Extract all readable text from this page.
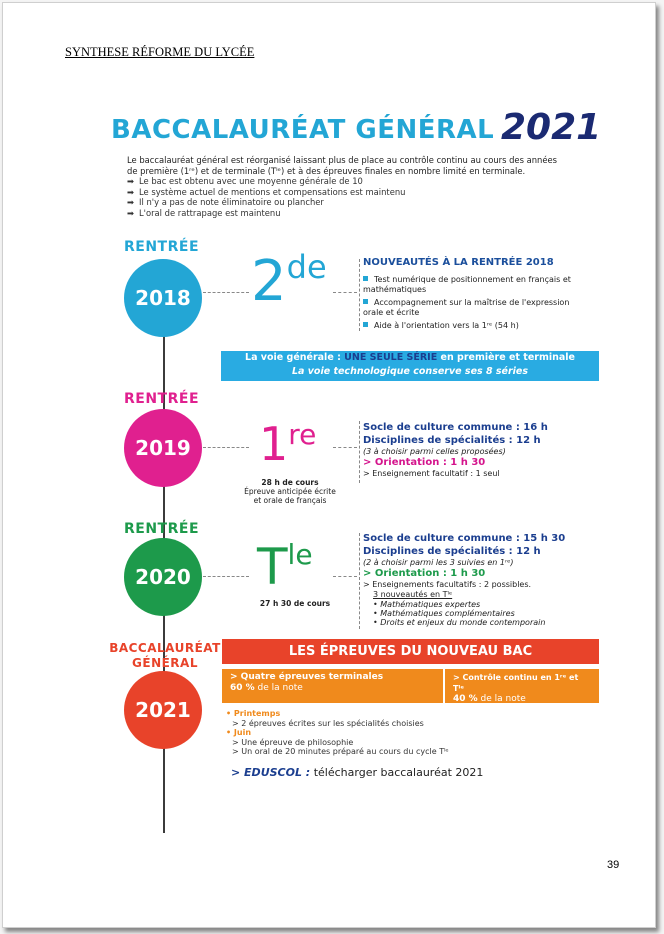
SYNTHESE RÉFORME DU LYCÉE
BACCALAURÉAT GÉNÉRAL 2021
Le baccalauréat général est réorganisé laissant plus de place au contrôle continu au cours des années
de première (1ʳᵉ) et de terminale (Tˡᵉ) et à des épreuves finales en nombre limité en terminale.
➡ Le bac est obtenu avec une moyenne générale de 10
➡ Le système actuel de mentions et compensations est maintenu
➡ Il n'y a pas de note éliminatoire ou plancher
➡ L'oral de rattrapage est maintenu
RENTRÉE
2018 2de	NOUVEAUTÉS À LA RENTRÉE 2018
Test numérique de positionnement en français et mathématiques
Accompagnement sur la maîtrise de l'expression orale et écrite
Aide à l'orientation vers la 1ʳᵉ (54 h)
La voie générale : UNE SEULE SÉRIE en première et terminale
La voie technologique conserve ses 8 séries
RENTRÉE
2019 1re
28 h de cours
Épreuve anticipée écrite
et orale de français
Socle de culture commune : 16 h
Disciplines de spécialités : 12 h
(3 à choisir parmi celles proposées)
> Orientation : 1 h 30
> Enseignement facultatif : 1 seul
RENTRÉE
2020 Tle
27 h 30 de cours
Socle de culture commune : 15 h 30
Disciplines de spécialités : 12 h
(2 à choisir parmi les 3 suivies en 1ʳᵉ)
> Orientation : 1 h 30
> Enseignements facultatifs : 2 possibles.
3 nouveautés en Tˡᵉ
• Mathématiques expertes
• Mathématiques complémentaires
• Droits et enjeux du monde contemporain
BACCALAURÉAT
GÉNÉRAL
2021
LES ÉPREUVES DU NOUVEAU BAC
> Quatre épreuves terminales
60 % de la note
> Contrôle continu en 1ʳᵉ et Tˡᵉ
40 % de la note
• Printemps
> 2 épreuves écrites sur les spécialités choisies
• Juin
> Une épreuve de philosophie
> Un oral de 20 minutes préparé au cours du cycle Tˡᵉ
> EDUSCOL : télécharger baccalauréat 2021
39
